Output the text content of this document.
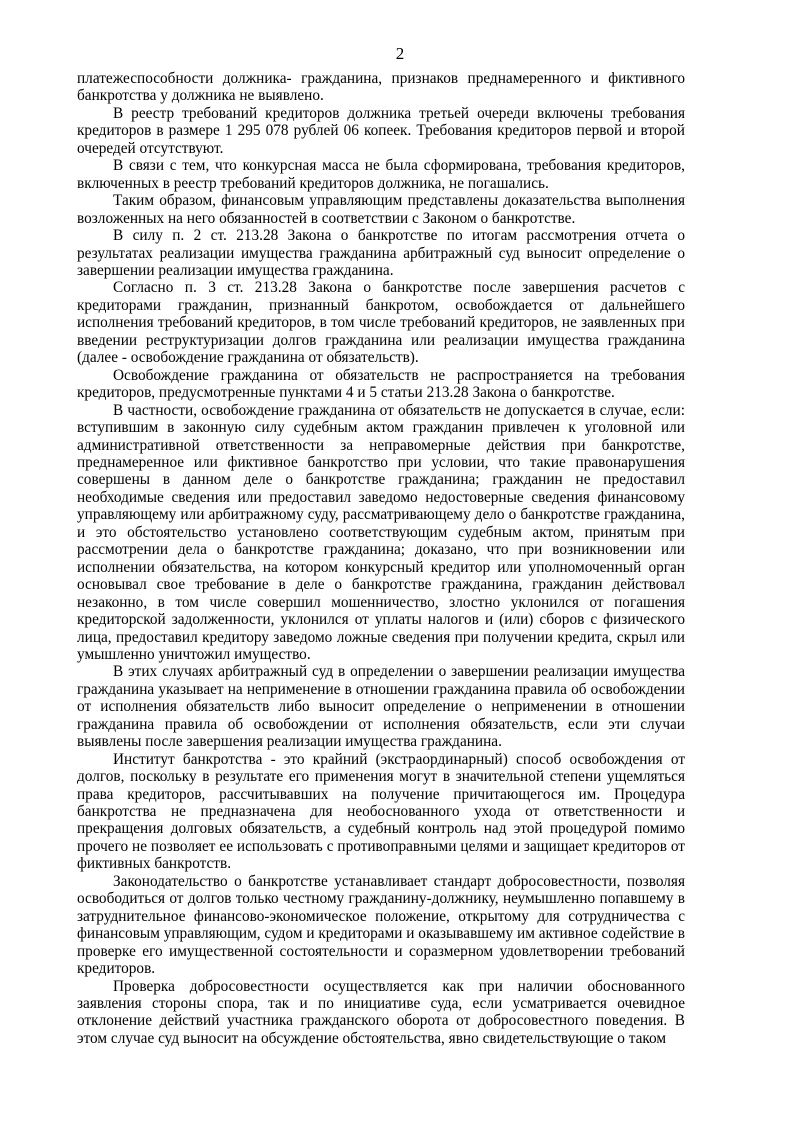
2

платежеспособности должника- гражданина, признаков преднамеренного и фиктивного банкротства у должника не выявлено.

В реестр требований кредиторов должника третьей очереди включены требования кредиторов в размере 1 295 078 рублей 06 копеек. Требования кредиторов первой и второй очередей отсутствуют.

В связи с тем, что конкурсная масса не была сформирована, требования кредиторов, включенных в реестр требований кредиторов должника, не погашались.

Таким образом, финансовым управляющим представлены доказательства выполнения возложенных на него обязанностей в соответствии с Законом о банкротстве.

В силу п. 2 ст. 213.28 Закона о банкротстве по итогам рассмотрения отчета о результатах реализации имущества гражданина арбитражный суд выносит определение о завершении реализации имущества гражданина.

Согласно п. 3 ст. 213.28 Закона о банкротстве после завершения расчетов с кредиторами гражданин, признанный банкротом, освобождается от дальнейшего исполнения требований кредиторов, в том числе требований кредиторов, не заявленных при введении реструктуризации долгов гражданина или реализации имущества гражданина (далее - освобождение гражданина от обязательств).

Освобождение гражданина от обязательств не распространяется на требования кредиторов, предусмотренные пунктами 4 и 5 статьи 213.28 Закона о банкротстве.

В частности, освобождение гражданина от обязательств не допускается в случае, если: вступившим в законную силу судебным актом гражданин привлечен к уголовной или административной ответственности за неправомерные действия при банкротстве, преднамеренное или фиктивное банкротство при условии, что такие правонарушения совершены в данном деле о банкротстве гражданина; гражданин не предоставил необходимые сведения или предоставил заведомо недостоверные сведения финансовому управляющему или арбитражному суду, рассматривающему дело о банкротстве гражданина, и это обстоятельство установлено соответствующим судебным актом, принятым при рассмотрении дела о банкротстве гражданина; доказано, что при возникновении или исполнении обязательства, на котором конкурсный кредитор или уполномоченный орган основывал свое требование в деле о банкротстве гражданина, гражданин действовал незаконно, в том числе совершил мошенничество, злостно уклонился от погашения кредиторской задолженности, уклонился от уплаты налогов и (или) сборов с физического лица, предоставил кредитору заведомо ложные сведения при получении кредита, скрыл или умышленно уничтожил имущество.

В этих случаях арбитражный суд в определении о завершении реализации имущества гражданина указывает на неприменение в отношении гражданина правила об освобождении от исполнения обязательств либо выносит определение о неприменении в отношении гражданина правила об освобождении от исполнения обязательств, если эти случаи выявлены после завершения реализации имущества гражданина.

Институт банкротства - это крайний (экстраординарный) способ освобождения от долгов, поскольку в результате его применения могут в значительной степени ущемляться права кредиторов, рассчитывавших на получение причитающегося им. Процедура банкротства не предназначена для необоснованного ухода от ответственности и прекращения долговых обязательств, а судебный контроль над этой процедурой помимо прочего не позволяет ее использовать с противоправными целями и защищает кредиторов от фиктивных банкротств.

Законодательство о банкротстве устанавливает стандарт добросовестности, позволяя освободиться от долгов только честному гражданину-должнику, неумышленно попавшему в затруднительное финансово-экономическое положение, открытому для сотрудничества с финансовым управляющим, судом и кредиторами и оказывавшему им активное содействие в проверке его имущественной состоятельности и соразмерном удовлетворении требований кредиторов.

Проверка добросовестности осуществляется как при наличии обоснованного заявления стороны спора, так и по инициативе суда, если усматривается очевидное отклонение действий участника гражданского оборота от добросовестного поведения. В этом случае суд выносит на обсуждение обстоятельства, явно свидетельствующие о таком
